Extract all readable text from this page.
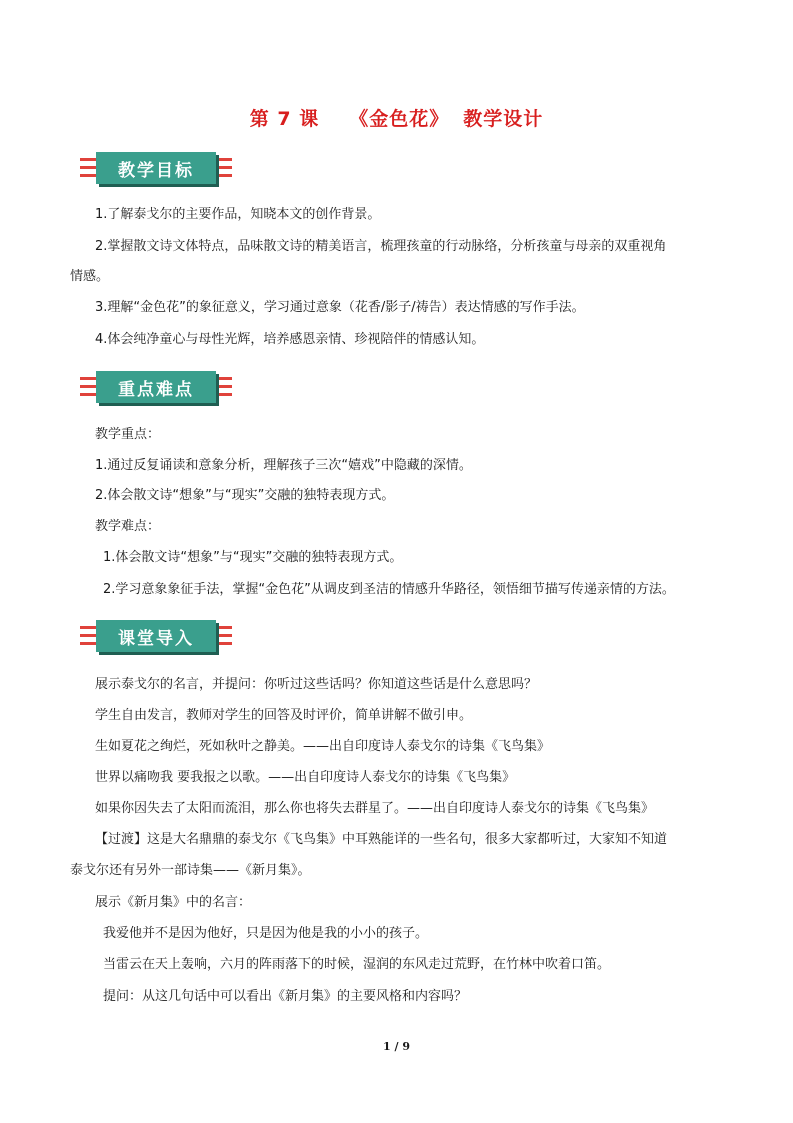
第 7 课 《金色花》 教学设计
教学目标
1.了解泰戈尔的主要作品，知晓本文的创作背景。
2.掌握散文诗文体特点，品味散文诗的精美语言，梳理孩童的行动脉络，分析孩童与母亲的双重视角
情感。
3.理解“金色花”的象征意义，学习通过意象（花香/影子/祷告）表达情感的写作手法。
4.体会纯净童心与母性光辉，培养感恩亲情、珍视陪伴的情感认知。
重点难点
教学重点：
1.通过反复诵读和意象分析，理解孩子三次“嬉戏”中隐藏的深情。
2.体会散文诗“想象”与“现实”交融的独特表现方式。
教学难点：
1.体会散文诗“想象”与“现实”交融的独特表现方式。
2.学习意象象征手法，掌握“金色花”从调皮到圣洁的情感升华路径，领悟细节描写传递亲情的方法。
课堂导入
展示泰戈尔的名言，并提问：你听过这些话吗？你知道这些话是什么意思吗？
学生自由发言，教师对学生的回答及时评价，简单讲解不做引申。
生如夏花之绚烂，死如秋叶之静美。——出自印度诗人泰戈尔的诗集《飞鸟集》
世界以痛吻我 要我报之以歌。——出自印度诗人泰戈尔的诗集《飞鸟集》
如果你因失去了太阳而流泪，那么你也将失去群星了。——出自印度诗人泰戈尔的诗集《飞鸟集》
【过渡】这是大名鼎鼎的泰戈尔《飞鸟集》中耳熟能详的一些名句，很多大家都听过，大家知不知道
泰戈尔还有另外一部诗集——《新月集》。
展示《新月集》中的名言：
我爱他并不是因为他好，只是因为他是我的小小的孩子。
当雷云在天上轰响，六月的阵雨落下的时候，湿润的东风走过荒野，在竹林中吹着口笛。
提问：从这几句话中可以看出《新月集》的主要风格和内容吗？
1 / 9
